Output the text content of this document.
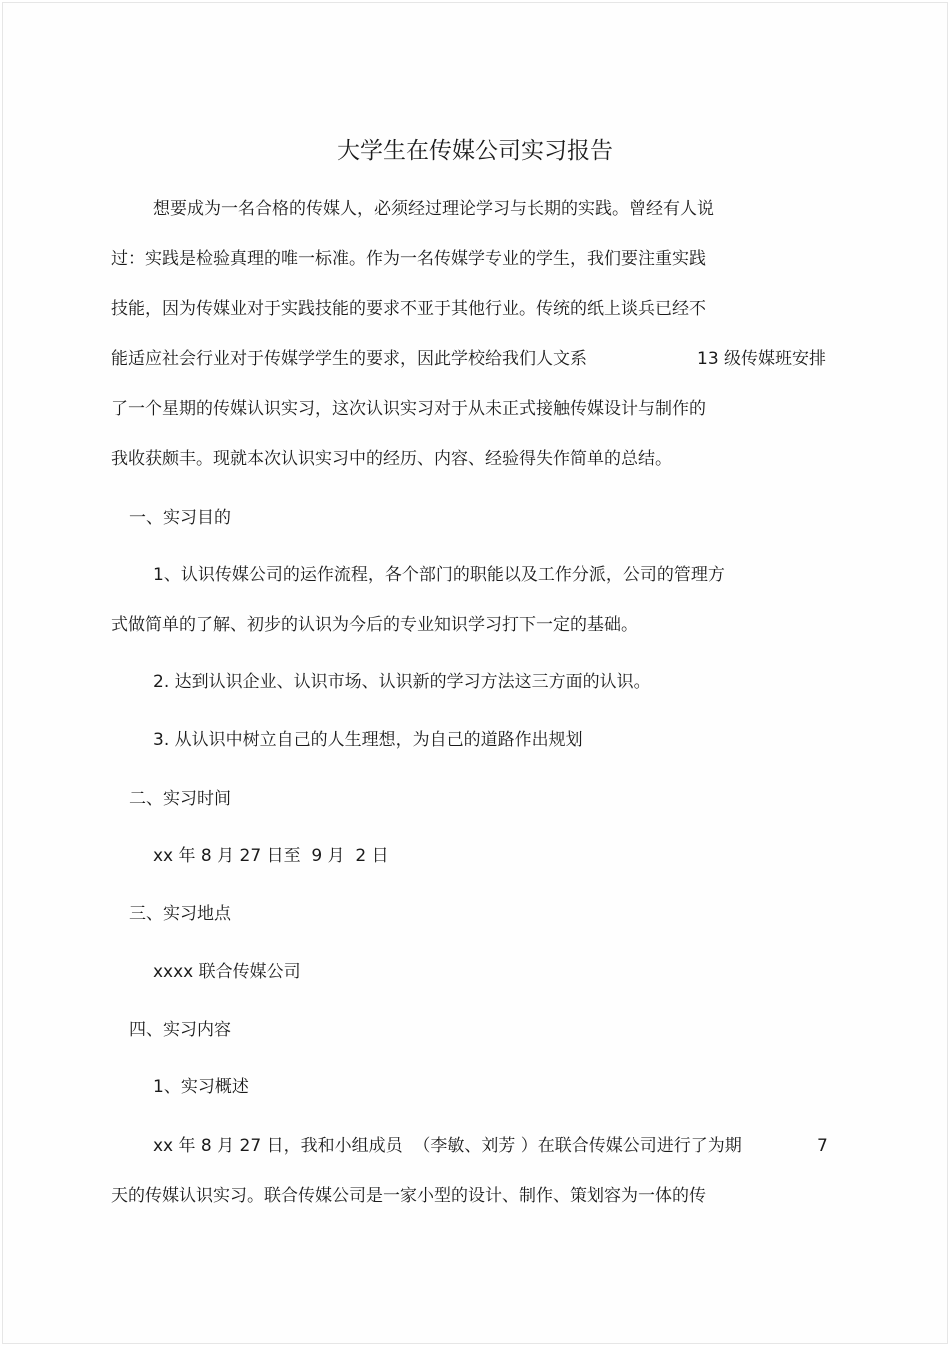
大学生在传媒公司实习报告
想要成为一名合格的传媒人，必须经过理论学习与长期的实践。曾经有人说
过：实践是检验真理的唯一标准。作为一名传媒学专业的学生，我们要注重实践
技能，因为传媒业对于实践技能的要求不亚于其他行业。传统的纸上谈兵已经不
能适应社会行业对于传媒学学生的要求，因此学校给我们人文系	13 级传媒班安排
了一个星期的传媒认识实习，这次认识实习对于从未正式接触传媒设计与制作的
我收获颇丰。现就本次认识实习中的经历、内容、经验得失作简单的总结。
一、实习目的
1、认识传媒公司的运作流程，各个部门的职能以及工作分派，公司的管理方
式做简单的了解、初步的认识为今后的专业知识学习打下一定的基础。
2. 达到认识企业、认识市场、认识新的学习方法这三方面的认识。
3. 从认识中树立自己的人生理想，为自己的道路作出规划
二、实习时间
xx 年 8 月 27 日至  9 月  2 日
三、实习地点
xxxx 联合传媒公司
四、实习内容
1、实习概述
xx 年 8 月 27 日，我和小组成员  （李敏、刘芳 ）在联合传媒公司进行了为期	7
天的传媒认识实习。联合传媒公司是一家小型的设计、制作、策划容为一体的传
